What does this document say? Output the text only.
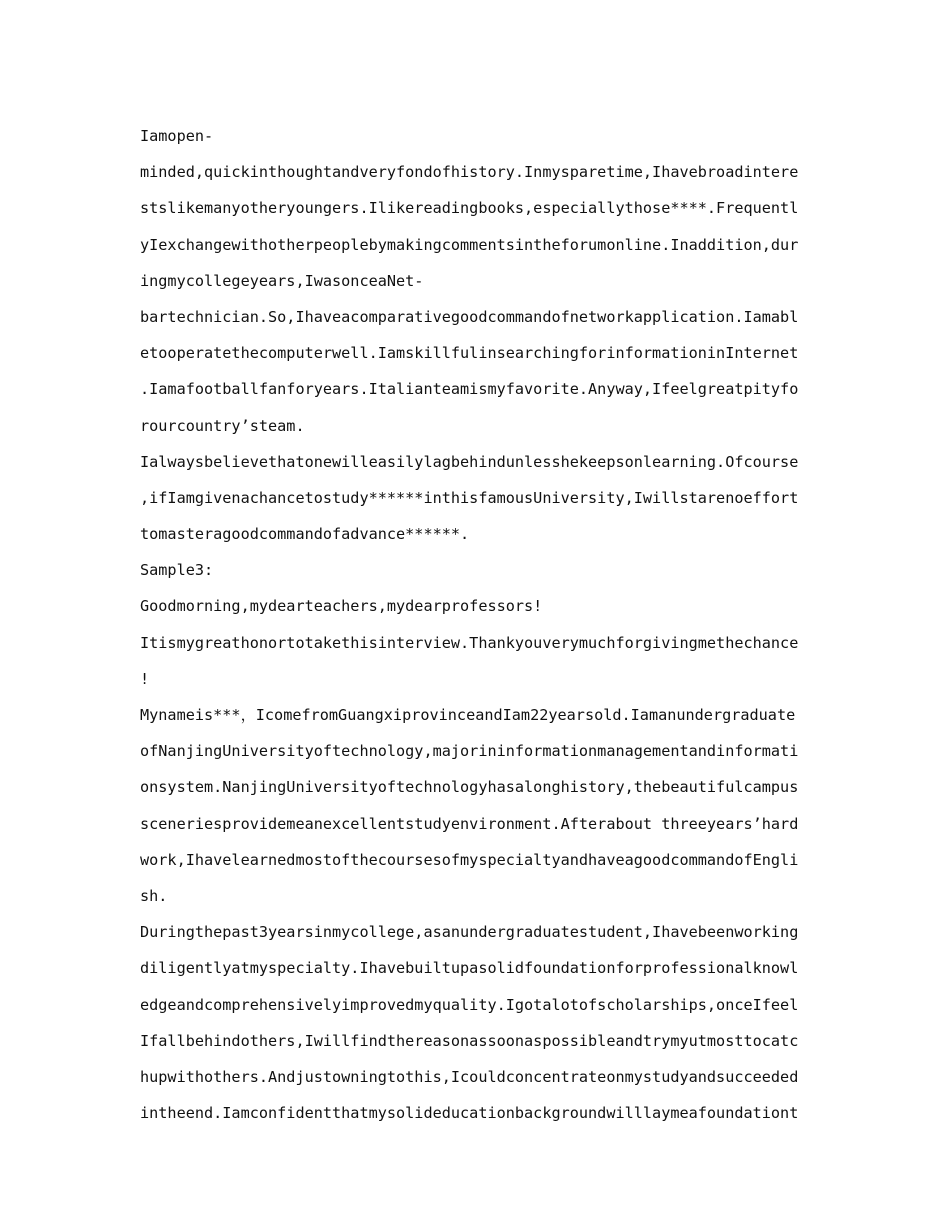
Iamopen-
minded,quickinthoughtandveryfondofhistory.Inmysparetime,Ihavebroadintere
stslikemanyotheryoungers.Ilikereadingbooks,especiallythose****.Frequentl
yIexchangewithotherpeoplebymakingcommentsintheforumonline.Inaddition,dur
ingmycollegeyears,IwasonceaNet-
bartechnician.So,Ihaveacomparativegoodcommandofnetworkapplication.Iamabl
etooperatethecomputerwell.IamskillfulinsearchingforinformationinInternet
.Iamafootballfanforyears.Italianteamismyfavorite.Anyway,Ifeelgreatpityfo
rourcountry’steam.
Ialwaysbelievethatonewilleasilylagbehindunlesshekeepsonlearning.Ofcourse
,ifIamgivenachancetostudy******inthisfamousUniversity,Iwillstarenoeffort
tomasteragoodcommandofadvance******.
Sample3:
Goodmorning,mydearteachers,mydearprofessors!
Itismygreathonortotakethisinterview.Thankyouverymuchforgivingmethechance
!
Mynameis***，IcomefromGuangxiprovinceandIam22yearsold.Iamanundergraduate
ofNanjingUniversityoftechnology,majorininformationmanagementandinformati
onsystem.NanjingUniversityoftechnologyhasalonghistory,thebeautifulcampus
sceneriesprovidemeanexcellentstudyenvironment.Afterabout threeyears’hard
work,IhavelearnedmostofthecoursesofmyspecialtyandhaveagoodcommandofEngli
sh.
Duringthepast3yearsinmycollege,asanundergraduatestudent,Ihavebeenworking
diligentlyatmyspecialty.Ihavebuiltupasolidfoundationforprofessionalknowl
edgeandcomprehensivelyimprovedmyquality.Igotalotofscholarships,onceIfeel
Ifallbehindothers,Iwillfindthereasonassoonaspossibleandtrymyutmosttocatc
hupwithothers.Andjustowningtothis,Icouldconcentrateonmystudyandsucceeded
intheend.Iamconfidentthatmysolideducationbackgroundwilllaymeafoundationt
